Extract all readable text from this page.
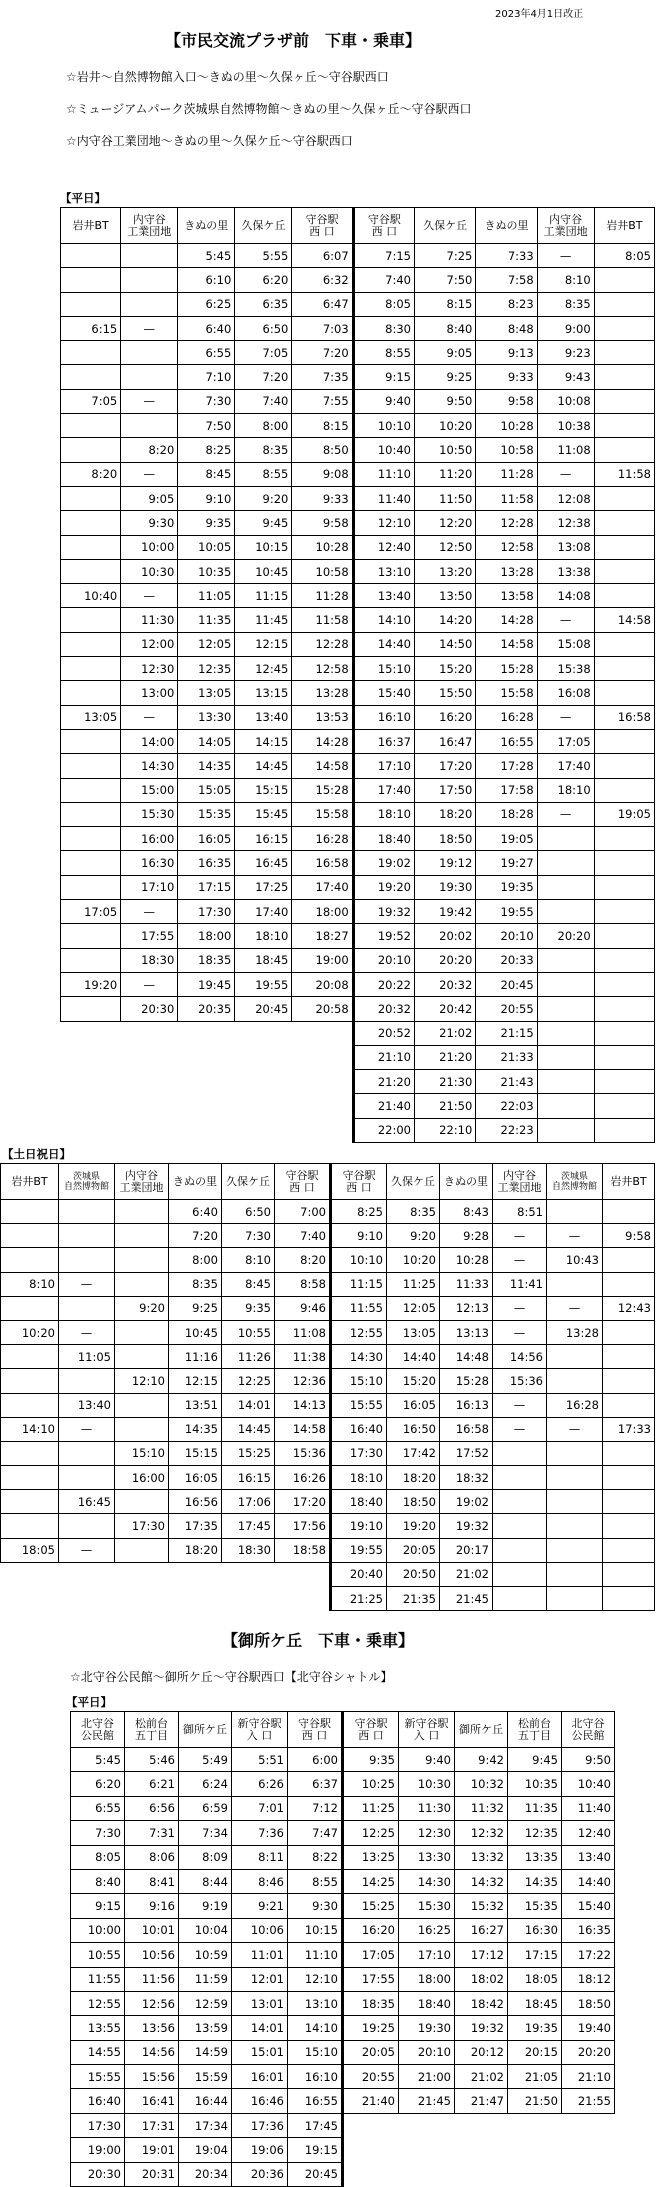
2023年4月1日改正
【市民交流プラザ前　下車・乗車】
☆岩井～自然博物館入口～きぬの里～久保ヶ丘～守谷駅西口
☆ミュージアムパーク茨城県自然博物館～きぬの里～久保ヶ丘～守谷駅西口
☆内守谷工業団地～きぬの里～久保ケ丘～守谷駅西口
【平日】
岩井BT	内守谷
工業団地	きぬの里	久保ケ丘	守谷駅
西 口	守谷駅
西 口	久保ケ丘	きぬの里	内守谷
工業団地	岩井BT
		5:45	5:55	6:07	7:15	7:25	7:33	—	8:05
		6:10	6:20	6:32	7:40	7:50	7:58	8:10	
		6:25	6:35	6:47	8:05	8:15	8:23	8:35	
6:15	—	6:40	6:50	7:03	8:30	8:40	8:48	9:00	
		6:55	7:05	7:20	8:55	9:05	9:13	9:23	
		7:10	7:20	7:35	9:15	9:25	9:33	9:43	
7:05	—	7:30	7:40	7:55	9:40	9:50	9:58	10:08	
		7:50	8:00	8:15	10:10	10:20	10:28	10:38	
	8:20	8:25	8:35	8:50	10:40	10:50	10:58	11:08	
8:20	—	8:45	8:55	9:08	11:10	11:20	11:28	—	11:58
	9:05	9:10	9:20	9:33	11:40	11:50	11:58	12:08	
	9:30	9:35	9:45	9:58	12:10	12:20	12:28	12:38	
	10:00	10:05	10:15	10:28	12:40	12:50	12:58	13:08	
	10:30	10:35	10:45	10:58	13:10	13:20	13:28	13:38	
10:40	—	11:05	11:15	11:28	13:40	13:50	13:58	14:08	
	11:30	11:35	11:45	11:58	14:10	14:20	14:28	—	14:58
	12:00	12:05	12:15	12:28	14:40	14:50	14:58	15:08	
	12:30	12:35	12:45	12:58	15:10	15:20	15:28	15:38	
	13:00	13:05	13:15	13:28	15:40	15:50	15:58	16:08	
13:05	—	13:30	13:40	13:53	16:10	16:20	16:28	—	16:58
	14:00	14:05	14:15	14:28	16:37	16:47	16:55	17:05	
	14:30	14:35	14:45	14:58	17:10	17:20	17:28	17:40	
	15:00	15:05	15:15	15:28	17:40	17:50	17:58	18:10	
	15:30	15:35	15:45	15:58	18:10	18:20	18:28	—	19:05
	16:00	16:05	16:15	16:28	18:40	18:50	19:05		
	16:30	16:35	16:45	16:58	19:02	19:12	19:27		
	17:10	17:15	17:25	17:40	19:20	19:30	19:35		
17:05	—	17:30	17:40	18:00	19:32	19:42	19:55		
	17:55	18:00	18:10	18:27	19:52	20:02	20:10	20:20	
	18:30	18:35	18:45	19:00	20:10	20:20	20:33		
19:20	—	19:45	19:55	20:08	20:22	20:32	20:45		
	20:30	20:35	20:45	20:58	20:32	20:42	20:55		
					20:52	21:02	21:15		
					21:10	21:20	21:33		
					21:20	21:30	21:43		
					21:40	21:50	22:03		
					22:00	22:10	22:23		
【土日祝日】
岩井BT	茨城県
自然博物館	内守谷
工業団地	きぬの里	久保ケ丘	守谷駅
西 口	守谷駅
西 口	久保ケ丘	きぬの里	内守谷
工業団地	茨城県
自然博物館	岩井BT
			6:40	6:50	7:00	8:25	8:35	8:43	8:51		
			7:20	7:30	7:40	9:10	9:20	9:28	—	—	9:58
			8:00	8:10	8:20	10:10	10:20	10:28	—	10:43	
8:10	—		8:35	8:45	8:58	11:15	11:25	11:33	11:41		
		9:20	9:25	9:35	9:46	11:55	12:05	12:13	—	—	12:43
10:20	—		10:45	10:55	11:08	12:55	13:05	13:13	—	13:28	
	11:05		11:16	11:26	11:38	14:30	14:40	14:48	14:56		
		12:10	12:15	12:25	12:36	15:10	15:20	15:28	15:36		
	13:40		13:51	14:01	14:13	15:55	16:05	16:13	—	16:28	
14:10	—		14:35	14:45	14:58	16:40	16:50	16:58	—	—	17:33
		15:10	15:15	15:25	15:36	17:30	17:42	17:52			
		16:00	16:05	16:15	16:26	18:10	18:20	18:32			
	16:45		16:56	17:06	17:20	18:40	18:50	19:02			
		17:30	17:35	17:45	17:56	19:10	19:20	19:32			
18:05	—		18:20	18:30	18:58	19:55	20:05	20:17			
						20:40	20:50	21:02			
						21:25	21:35	21:45			
【御所ケ丘　下車・乗車】
☆北守谷公民館～御所ケ丘～守谷駅西口【北守谷シャトル】
【平日】
北守谷
公民館	松前台
五丁目	御所ケ丘	新守谷駅
入 口	守谷駅
西 口	守谷駅
西 口	新守谷駅
入 口	御所ケ丘	松前台
五丁目	北守谷
公民館
5:45	5:46	5:49	5:51	6:00	9:35	9:40	9:42	9:45	9:50
6:20	6:21	6:24	6:26	6:37	10:25	10:30	10:32	10:35	10:40
6:55	6:56	6:59	7:01	7:12	11:25	11:30	11:32	11:35	11:40
7:30	7:31	7:34	7:36	7:47	12:25	12:30	12:32	12:35	12:40
8:05	8:06	8:09	8:11	8:22	13:25	13:30	13:32	13:35	13:40
8:40	8:41	8:44	8:46	8:55	14:25	14:30	14:32	14:35	14:40
9:15	9:16	9:19	9:21	9:30	15:25	15:30	15:32	15:35	15:40
10:00	10:01	10:04	10:06	10:15	16:20	16:25	16:27	16:30	16:35
10:55	10:56	10:59	11:01	11:10	17:05	17:10	17:12	17:15	17:22
11:55	11:56	11:59	12:01	12:10	17:55	18:00	18:02	18:05	18:12
12:55	12:56	12:59	13:01	13:10	18:35	18:40	18:42	18:45	18:50
13:55	13:56	13:59	14:01	14:10	19:25	19:30	19:32	19:35	19:40
14:55	14:56	14:59	15:01	15:10	20:05	20:10	20:12	20:15	20:20
15:55	15:56	15:59	16:01	16:10	20:55	21:00	21:02	21:05	21:10
16:40	16:41	16:44	16:46	16:55	21:40	21:45	21:47	21:50	21:55
17:30	17:31	17:34	17:36	17:45					
19:00	19:01	19:04	19:06	19:15					
20:30	20:31	20:34	20:36	20:45					
